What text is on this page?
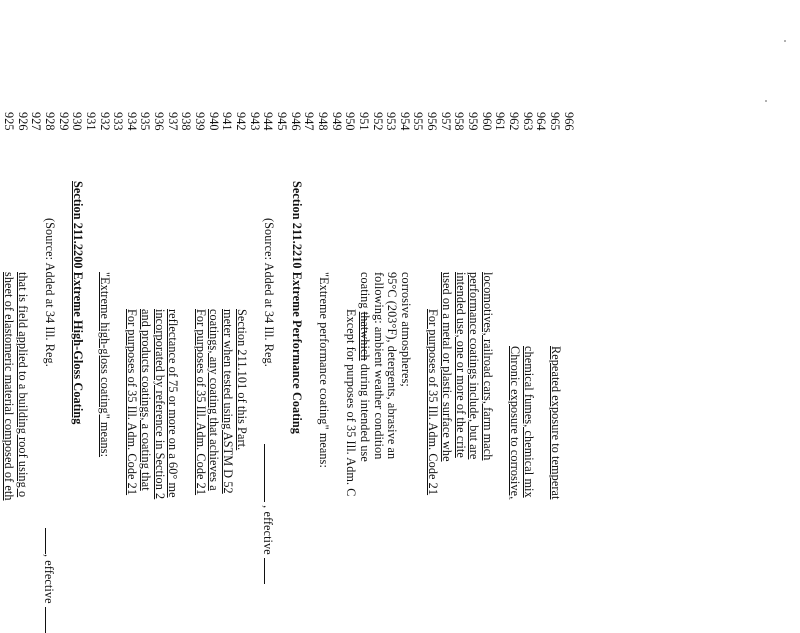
925 926 927 928 929 930 931 932 933 934 935 936 937 938 939 940 941 942 943 944 945 946 947 948 949 950 951 952 953 954 955 956 957 958 959 960 961 962 963 964 965 966
sheet of elastomeric material composed of eth that is field applied to a building roof using o (Source: Added at 34 Ill. Reg.
, effective
Section 211.2200 Extreme High-Gloss Coating "Extreme high-gloss coating" means: For purposes of 35 Ill. Adm. Code 21 and products coatings, a coating that incorporated by reference in Section 2 reflectance of 75 or more on a 60° me For purposes of 35 Ill. Adm. Code 21 coatings, any coating that achieves a meter when tested using ASTM D 52 Section 211.101 of this Part.
(Source: Added at 34 Ill. Reg.
, effective
Section 211.2210 Extreme Performance Coating "Extreme performance coating" means: Except for purposes of 35 Ill. Adm. C
coating thatwhich during intended use following: ambient weather condition 95°C (203°F), detergents, abrasive an corrosive atmospheres; For purposes of 35 Ill. Adm. Code 21 used on a metal or plastic surface whe intended use, one or more of the crite performance coatings include, but are locomotives, railroad cars, farm mach Chronic exposure to corrosive, chemical fumes, chemical mix Repeated exposure to temperat
